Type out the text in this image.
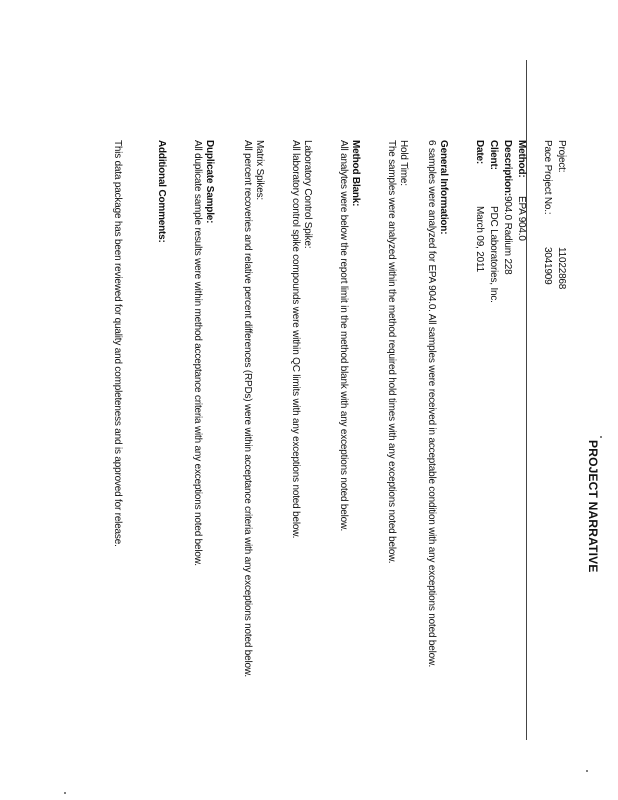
PROJECT NARRATIVE
Project:
11022868
Pace Project No.:
3041909
Method:
EPA 904.0
Description:
904.0 Radium 228
Client:
PDC Laboratories, Inc.
Date:
March 09, 2011
General Information:
6 samples were analyzed for EPA 904.0. All samples were received in acceptable condition with any exceptions noted below.
Hold Time:
The samples were analyzed within the method required hold times with any exceptions noted below.
Method Blank:
All analytes were below the report limit in the method blank with any exceptions noted below.
Laboratory Control Spike:
All laboratory control spike compounds were within QC limits with any exceptions noted below.
Matrix Spikes:
All percent recoveries and relative percent differences (RPDs) were within acceptance criteria with any exceptions noted below.
Duplicate Sample:
All duplicate sample results were within method acceptance criteria with any exceptions noted below.
Additional Comments:
This data package has been reviewed for quality and completeness and is approved for release.
